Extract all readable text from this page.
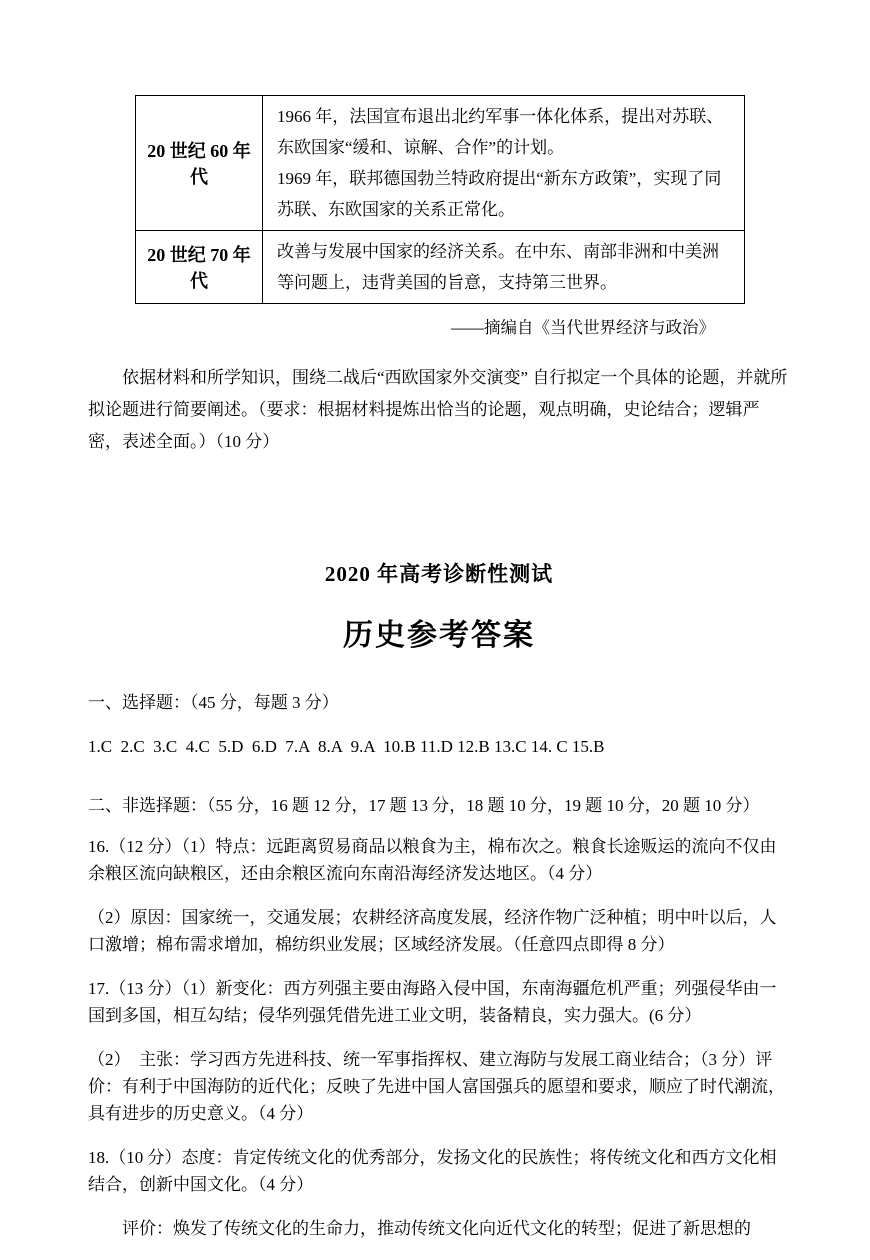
20 世纪 60 年代	1966 年，法国宣布退出北约军事一体化体系，提出对苏联、东欧国家“缓和、谅解、合作”的计划。

1969 年，联邦德国勃兰特政府提出“新东方政策”，实现了同苏联、东欧国家的关系正常化。

20 世纪 70 年代	改善与发展中国家的经济关系。在中东、南部非洲和中美洲等问题上，违背美国的旨意，支持第三世界。

——摘编自《当代世界经济与政治》
依据材料和所学知识，围绕二战后“西欧国家外交演变” 自行拟定一个具体的论题，并就所拟论题进行简要阐述。（要求：根据材料提炼出恰当的论题，观点明确，史论结合；逻辑严密，表述全面。）（10 分）
2020 年高考诊断性测试
历史参考答案
一、选择题：（45 分，每题 3 分）
1.C  2.C  3.C  4.C  5.D  6.D  7.A  8.A  9.A  10.B 11.D 12.B 13.C 14. C 15.B
二、非选择题：（55 分，16 题 12 分，17 题 13 分，18 题 10 分，19 题 10 分，20 题 10 分）
16.（12 分）（1）特点：远距离贸易商品以粮食为主，棉布次之。粮食长途贩运的流向不仅由余粮区流向缺粮区，还由余粮区流向东南沿海经济发达地区。（4 分）
（2）原因：国家统一，交通发展；农耕经济高度发展，经济作物广泛种植；明中叶以后，人口激增；棉布需求增加，棉纺织业发展；区域经济发展。（任意四点即得 8 分）
17.（13 分）（1）新变化：西方列强主要由海路入侵中国，东南海疆危机严重；列强侵华由一国到多国，相互勾结；侵华列强凭借先进工业文明，装备精良，实力强大。(6 分）
（2）  主张：学习西方先进科技、统一军事指挥权、建立海防与发展工商业结合；（3 分）评价：有利于中国海防的近代化；反映了先进中国人富国强兵的愿望和要求，顺应了时代潮流，具有进步的历史意义。（4 分）
18.（10 分）态度：肯定传统文化的优秀部分，发扬文化的民族性；将传统文化和西方文化相结合，创新中国文化。（4 分）
评价：焕发了传统文化的生命力，推动传统文化向近代文化的转型；促进了新思想的
